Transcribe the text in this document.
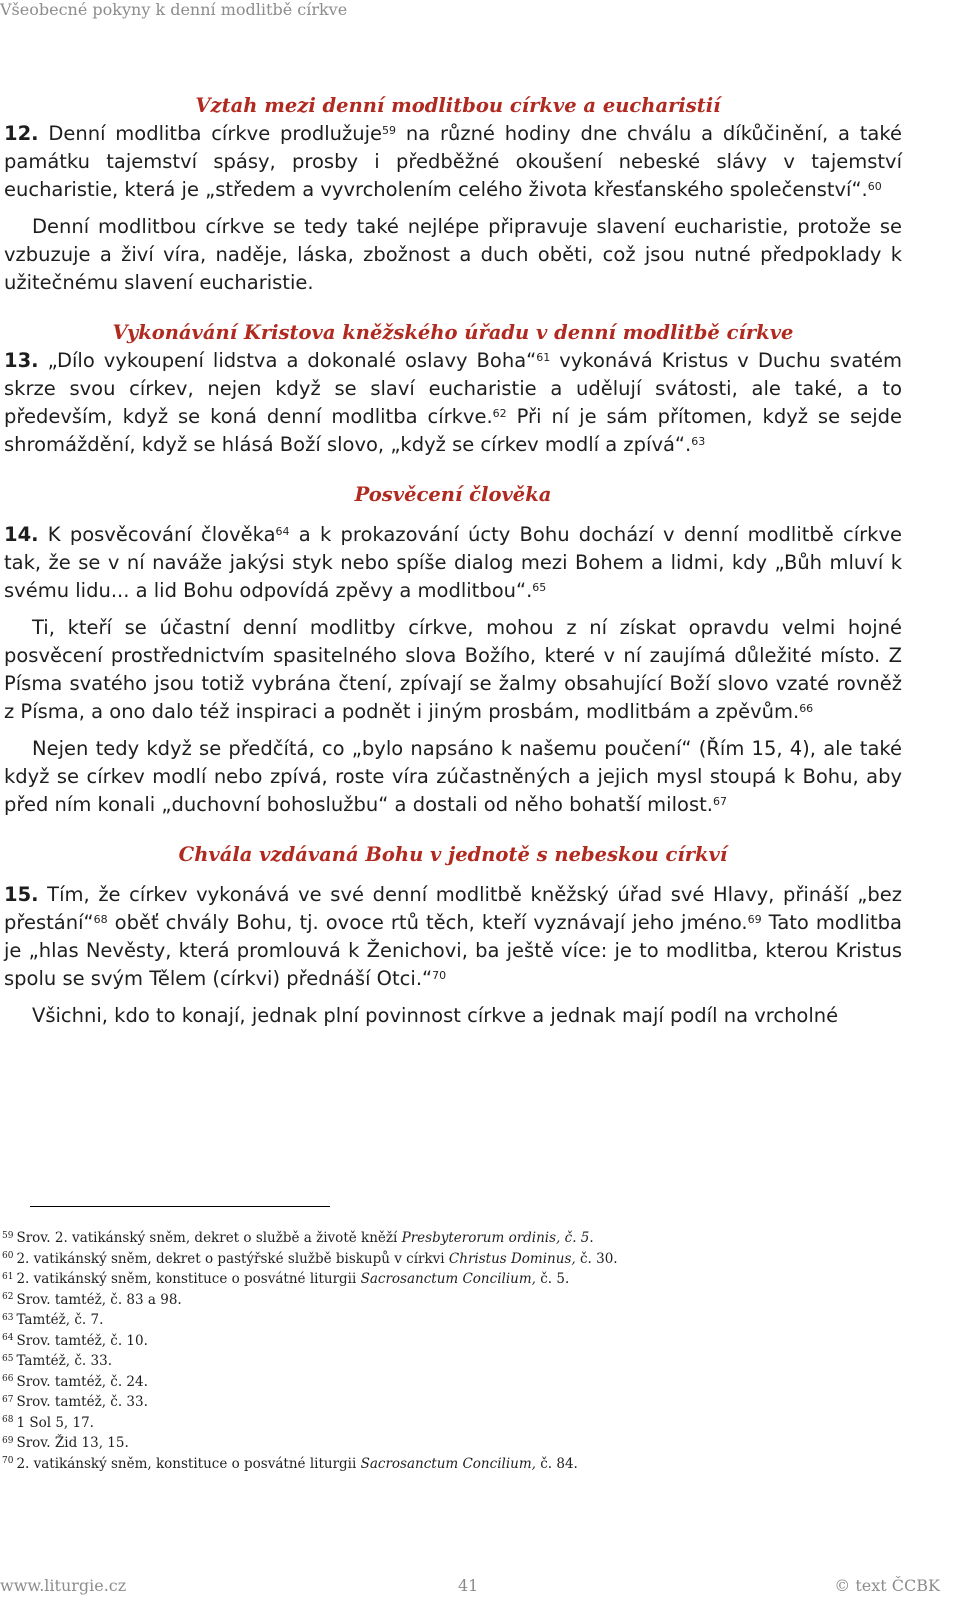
Všeobecné pokyny k denní modlitbě církve
Vztah mezi denní modlitbou církve a eucharistií

12. Denní modlitba církve prodlužuje$^{59}$ na různé hodiny dne chválu a díkůčinění, a také památku tajemství spásy, prosby i předběžné okoušení nebeské slávy v tajemství eucharistie, která je „středem a vyvrcholením celého života křesťanského společenství“.$^{60}$

Denní modlitbou církve se tedy také nejlépe připravuje slavení eucharistie, protože se vzbuzuje a živí víra, naděje, láska, zbožnost a duch oběti, což jsou nutné předpoklady k užitečnému slavení eucharistie.

Vykonávání Kristova kněžského úřadu v denní modlitbě církve

13. „Dílo vykoupení lidstva a dokonalé oslavy Boha“$^{61}$ vykonává Kristus v Duchu svatém skrze svou církev, nejen když se slaví eucharistie a udělují svátosti, ale také, a to především, když se koná denní modlitba církve.$^{62}$ Při ní je sám přítomen, když se sejde shromáždění, když se hlásá Boží slovo, „když se církev modlí a zpívá“.$^{63}$

Posvěcení člověka

14. K posvěcování člověka$^{64}$ a k prokazování úcty Bohu dochází v denní modlitbě církve tak, že se v ní naváže jakýsi styk nebo spíše dialog mezi Bohem a lidmi, kdy „Bůh mluví k svému lidu... a lid Bohu odpovídá zpěvy a modlitbou“.$^{65}$

Ti, kteří se účastní denní modlitby církve, mohou z ní získat opravdu velmi hojné posvěcení prostřednictvím spasitelného slova Božího, které v ní zaujímá důležité místo. Z Písma svatého jsou totiž vybrána čtení, zpívají se žalmy obsahující Boží slovo vzaté rovněž z Písma, a ono dalo též inspiraci a podnět i jiným prosbám, modlitbám a zpěvům.$^{66}$

Nejen tedy když se předčítá, co „bylo napsáno k našemu poučení“ (Řím 15, 4), ale také když se církev modlí nebo zpívá, roste víra zúčastněných a jejich mysl stoupá k Bohu, aby před ním konali „duchovní bohoslužbu“ a dostali od něho bohatší milost.$^{67}$

Chvála vzdávaná Bohu v jednotě s nebeskou církví

15. Tím, že církev vykonává ve své denní modlitbě kněžský úřad své Hlavy, přináší „bez přestání“$^{68}$ oběť chvály Bohu, tj. ovoce rtů těch, kteří vyznávají jeho jméno.$^{69}$ Tato modlitba je „hlas Nevěsty, která promlouvá k Ženichovi, ba ještě více: je to modlitba, kterou Kristus spolu se svým Tělem (církvi) přednáší Otci.“$^{70}$

Všichni, kdo to konají, jednak plní povinnost církve a jednak mají podíl na vrcholné

$^{59}$ Srov. 2. vatikánský sněm, dekret o službě a životě kněží Presbyterorum ordinis, č. 5.
$^{60}$ 2. vatikánský sněm, dekret o pastýřské službě biskupů v církvi Christus Dominus, č. 30.
$^{61}$ 2. vatikánský sněm, konstituce o posvátné liturgii Sacrosanctum Concilium, č. 5.
$^{62}$ Srov. tamtéž, č. 83 a 98.
$^{63}$ Tamtéž, č. 7.
$^{64}$ Srov. tamtéž, č. 10.
$^{65}$ Tamtéž, č. 33.
$^{66}$ Srov. tamtéž, č. 24.
$^{67}$ Srov. tamtéž, č. 33.
$^{68}$ 1 Sol 5, 17.
$^{69}$ Srov. Žid 13, 15.
$^{70}$ 2. vatikánský sněm, konstituce o posvátné liturgii Sacrosanctum Concilium, č. 84.
www.liturgie.cz	41	© text ČCBK
